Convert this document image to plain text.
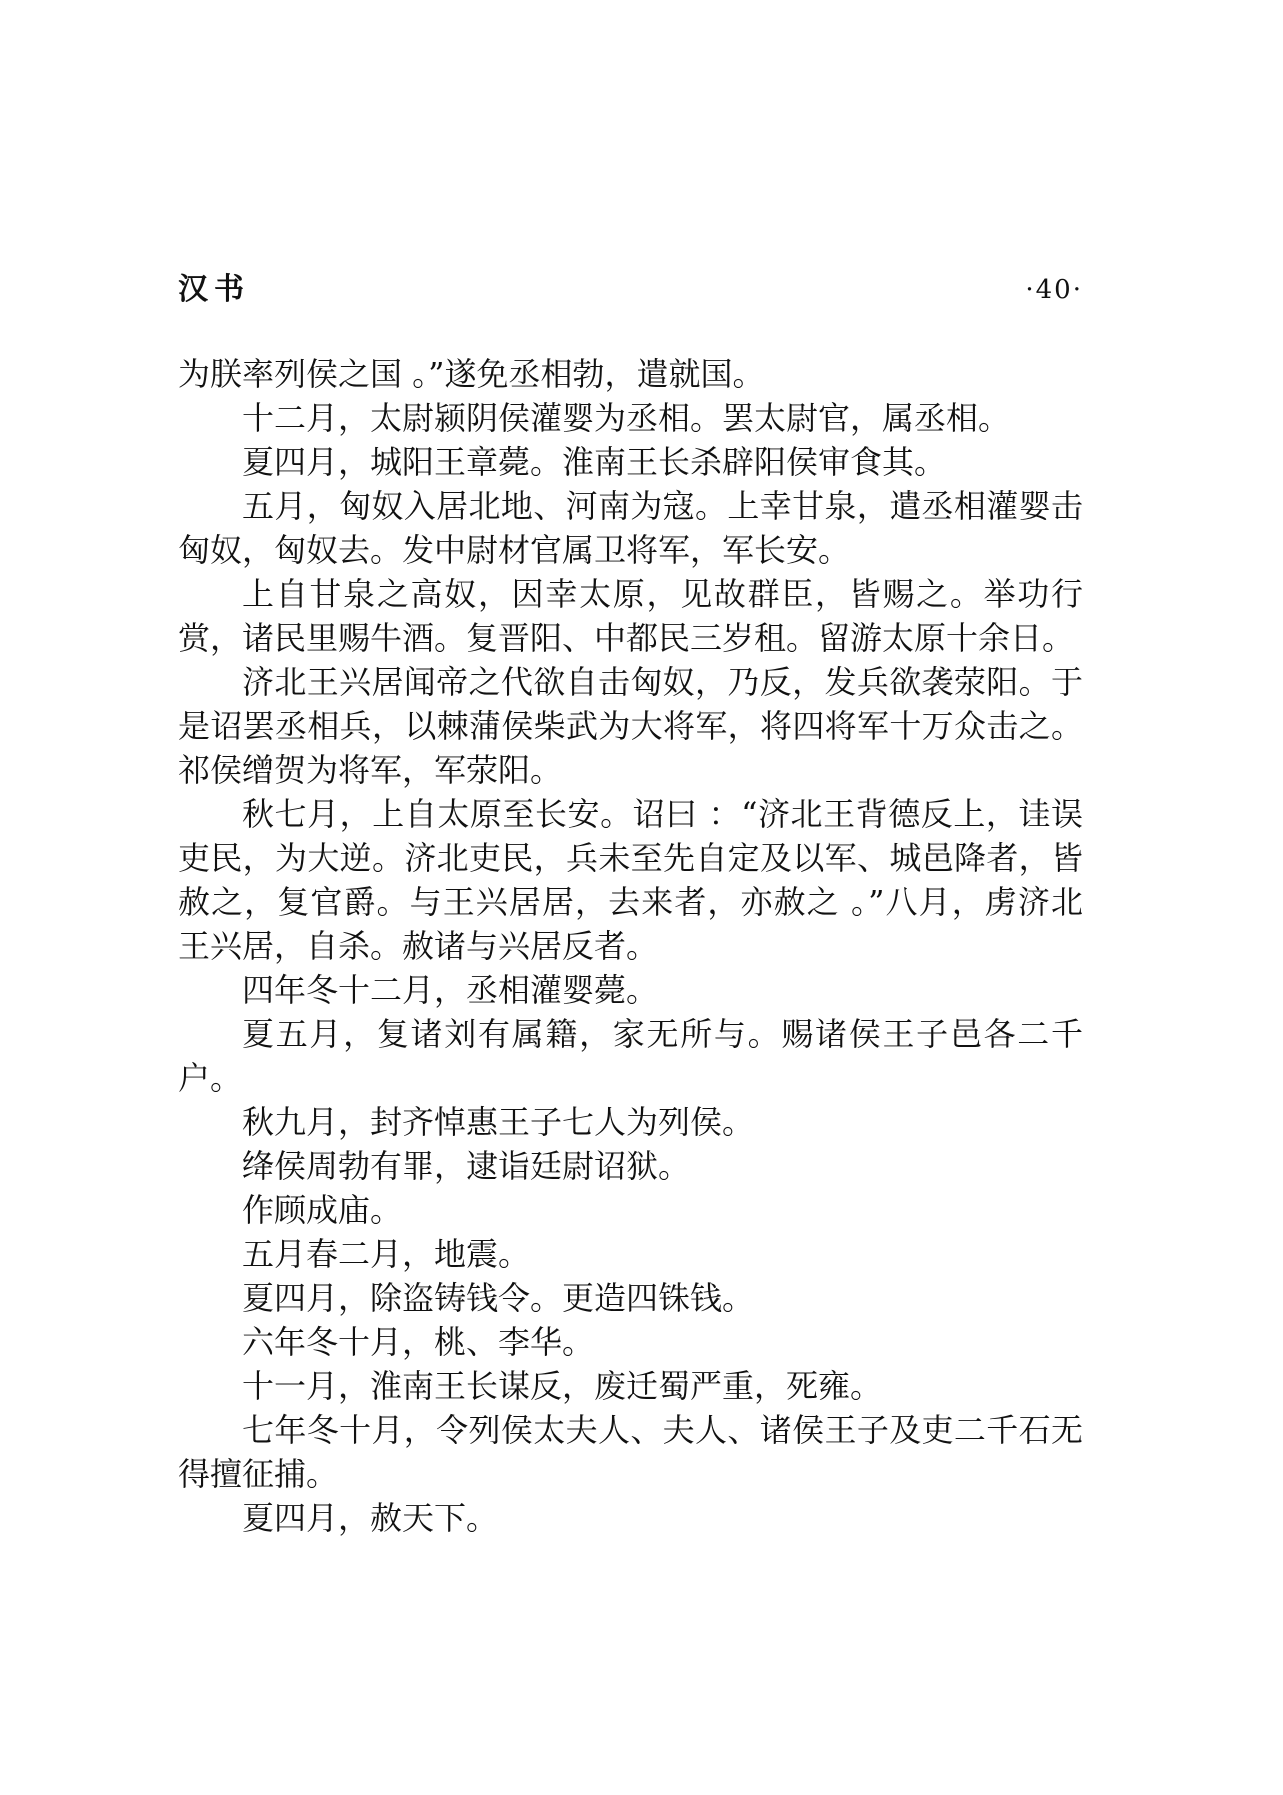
汉书	·40·

为朕率列侯之国 。”遂免丞相勃，遣就国。

十二月，太尉颍阴侯灌婴为丞相。罢太尉官，属丞相。

夏四月，城阳王章薨。淮南王长杀辟阳侯审食其。

五月，匈奴入居北地、河南为寇。上幸甘泉，遣丞相灌婴击匈奴，匈奴去。发中尉材官属卫将军，军长安。

上自甘泉之高奴，因幸太原，见故群臣，皆赐之。举功行赏，诸民里赐牛酒。复晋阳、中都民三岁租。留游太原十余日。

济北王兴居闻帝之代欲自击匈奴，乃反，发兵欲袭荥阳。于是诏罢丞相兵，以棘蒲侯柴武为大将军，将四将军十万众击之。祁侯缯贺为将军，军荥阳。

秋七月，上自太原至长安。诏曰 ：“济北王背德反上，诖误吏民，为大逆。济北吏民，兵未至先自定及以军、城邑降者，皆赦之，复官爵。与王兴居居，去来者，亦赦之 。”八月，虏济北王兴居，自杀。赦诸与兴居反者。

四年冬十二月，丞相灌婴薨。

夏五月，复诸刘有属籍，家无所与。赐诸侯王子邑各二千户。

秋九月，封齐悼惠王子七人为列侯。

绛侯周勃有罪，逮诣廷尉诏狱。

作顾成庙。

五月春二月，地震。

夏四月，除盗铸钱令。更造四铢钱。

六年冬十月，桃、李华。

十一月，淮南王长谋反，废迁蜀严重，死雍。

七年冬十月，令列侯太夫人、夫人、诸侯王子及吏二千石无得擅征捕。

夏四月，赦天下。
